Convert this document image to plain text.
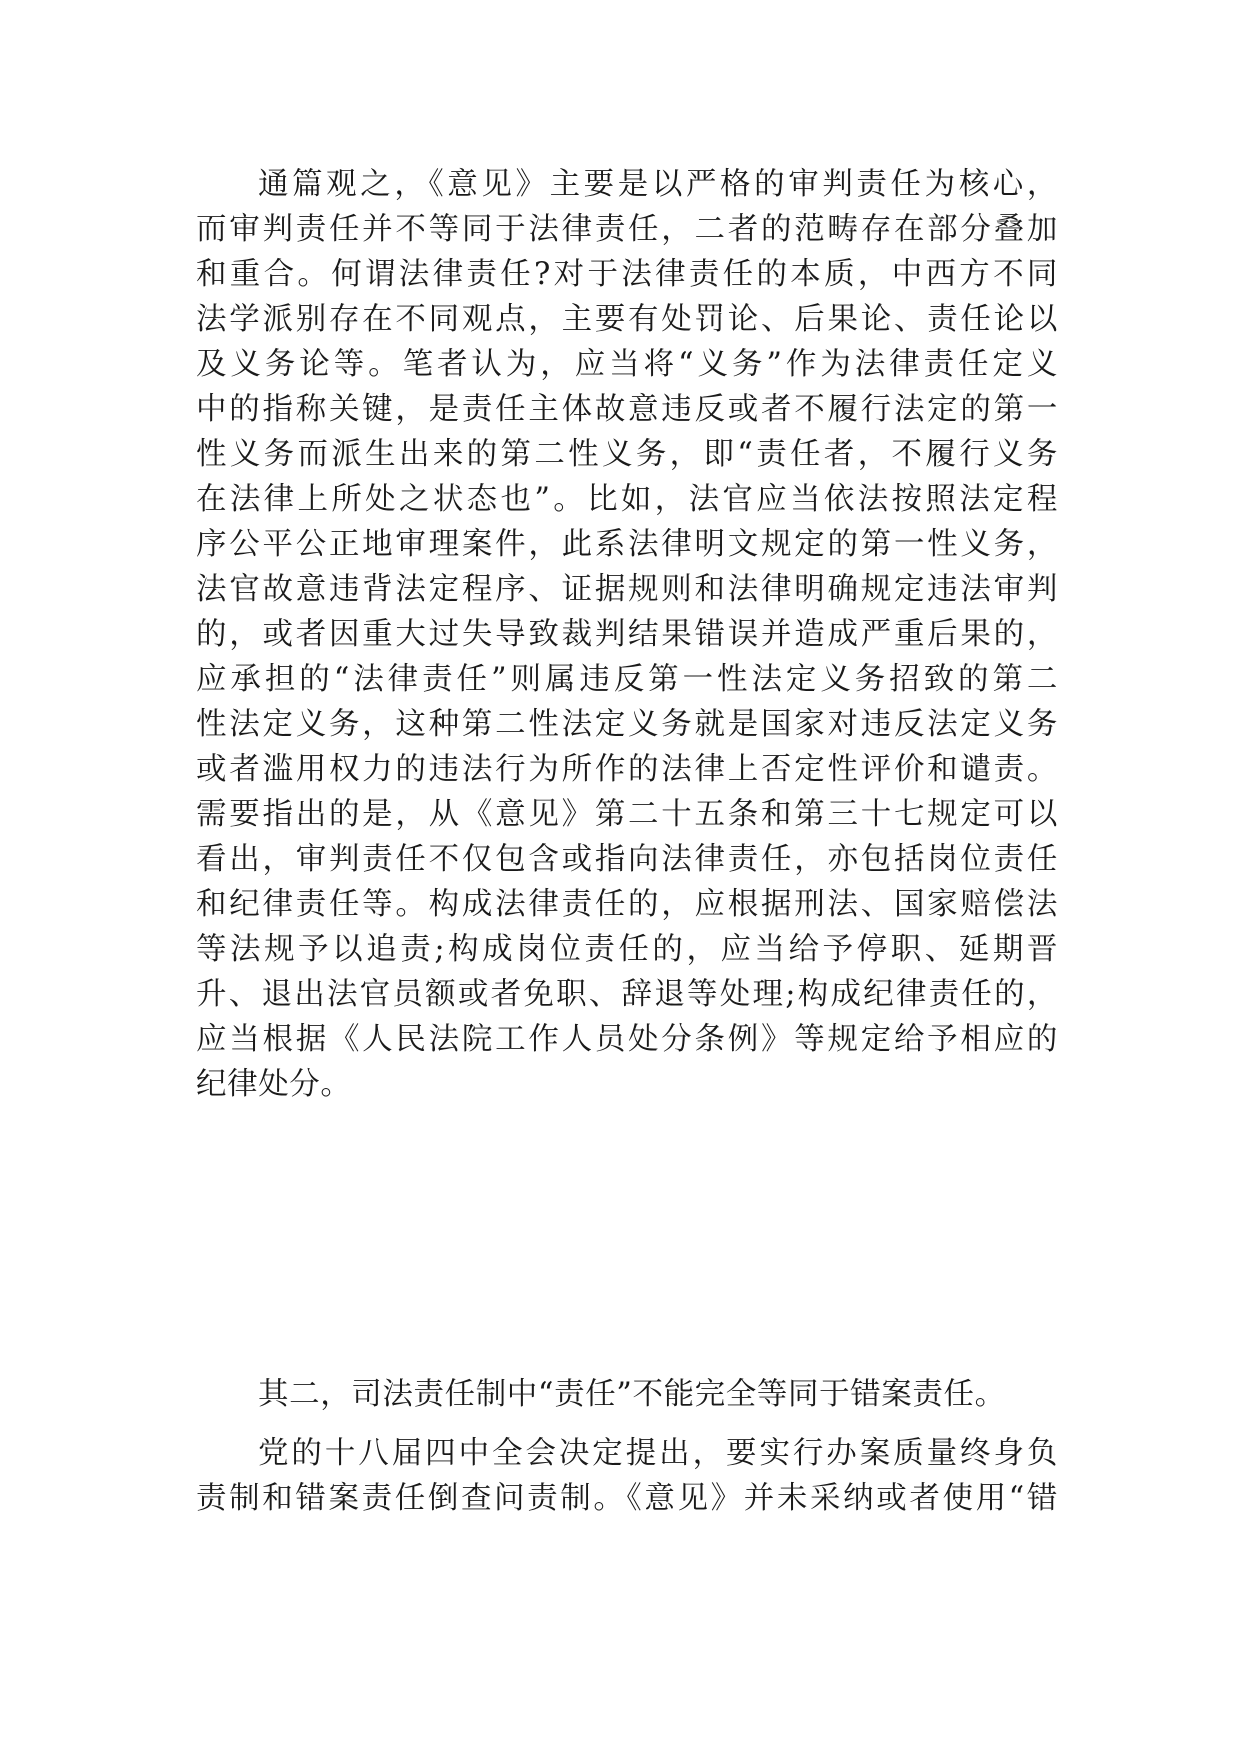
通篇观之，《意见》主要是以严格的审判责任为核心，
而审判责任并不等同于法律责任，二者的范畴存在部分叠加
和重合。何谓法律责任?对于法律责任的本质，中西方不同
法学派别存在不同观点，主要有处罚论、后果论、责任论以
及义务论等。笔者认为，应当将“义务”作为法律责任定义
中的指称关键，是责任主体故意违反或者不履行法定的第一
性义务而派生出来的第二性义务，即“责任者，不履行义务
在法律上所处之状态也”。比如，法官应当依法按照法定程
序公平公正地审理案件，此系法律明文规定的第一性义务，
法官故意违背法定程序、证据规则和法律明确规定违法审判
的，或者因重大过失导致裁判结果错误并造成严重后果的，
应承担的“法律责任”则属违反第一性法定义务招致的第二
性法定义务，这种第二性法定义务就是国家对违反法定义务
或者滥用权力的违法行为所作的法律上否定性评价和谴责。
需要指出的是，从《意见》第二十五条和第三十七规定可以
看出，审判责任不仅包含或指向法律责任，亦包括岗位责任
和纪律责任等。构成法律责任的，应根据刑法、国家赔偿法
等法规予以追责;构成岗位责任的，应当给予停职、延期晋
升、退出法官员额或者免职、辞退等处理;构成纪律责任的，
应当根据《人民法院工作人员处分条例》等规定给予相应的
纪律处分。
其二，司法责任制中“责任”不能完全等同于错案责任。
党的十八届四中全会决定提出，要实行办案质量终身负
责制和错案责任倒查问责制。《意见》并未采纳或者使用“错
